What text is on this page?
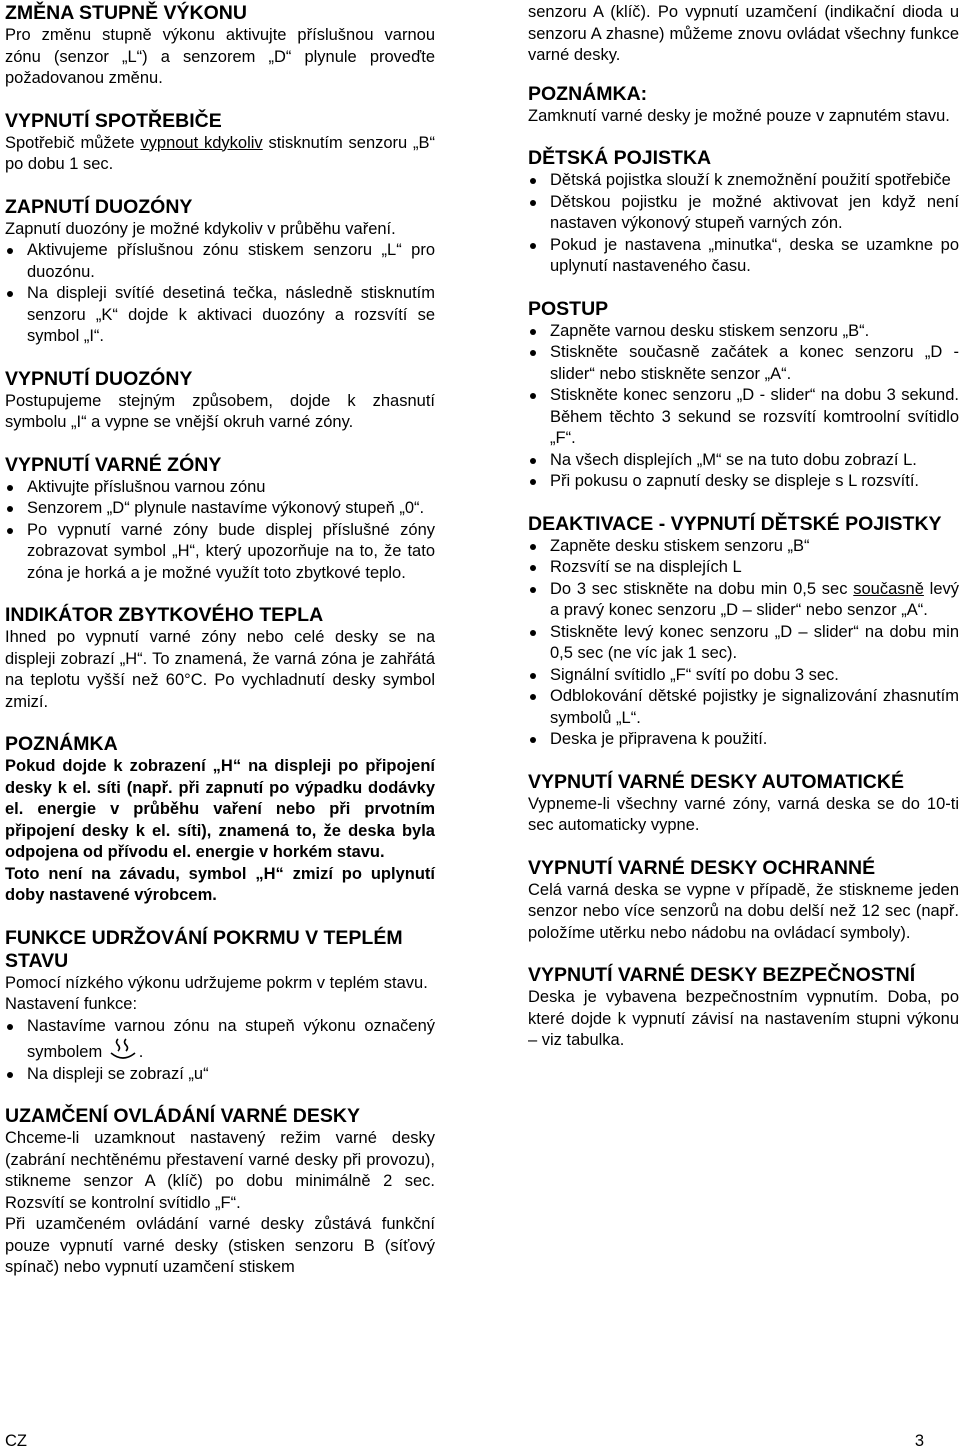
ZMĚNA STUPNĚ VÝKONU

Pro změnu stupně výkonu aktivujte příslušnou varnou zónu (senzor „L“) a senzorem „D“ plynule proveďte požadovanou změnu.

VYPNUTÍ SPOTŘEBIČE

Spotřebič můžete vypnout kdykoliv stisknutím senzoru „B“ po dobu 1 sec.

ZAPNUTÍ DUOZÓNY

Zapnutí duozóny je možné kdykoliv v průběhu vaření.

Aktivujeme příslušnou zónu stiskem senzoru „L“ pro duozónu.
Na displeji svítíé desetiná tečka, následně stisknutím senzoru „K“ dojde k aktivaci duozóny a rozsvítí se symbol „I“.
VYPNUTÍ DUOZÓNY

Postupujeme stejným způsobem, dojde k zhasnutí symbolu „I“ a vypne se vnější okruh varné zóny.

VYPNUTÍ VARNÉ ZÓNY
Aktivujte příslušnou varnou zónu
Senzorem „D“ plynule nastavíme výkonový stupeň „0“.
Po vypnutí varné zóny bude displej příslušné zóny zobrazovat symbol „H“, který upozorňuje na to, že tato zóna je horká a je možné využít toto zbytkové teplo.
INDIKÁTOR ZBYTKOVÉHO TEPLA

Ihned po vypnutí varné zóny nebo celé desky se na displeji zobrazí „H“. To znamená, že varná zóna je zahřátá na teplotu vyšší než 60°C. Po vychladnutí desky symbol zmizí.

POZNÁMKA

Pokud dojde k zobrazení „H“ na displeji po připojení desky k el. síti (např. při zapnutí po výpadku dodávky el. energie v průběhu vaření nebo při prvotním připojení desky k el. síti), znamená to, že deska byla odpojena od přívodu el. energie v horkém stavu.

Toto není na závadu, symbol „H“ zmizí po uplynutí doby nastavené výrobcem.

FUNKCE UDRŽOVÁNÍ POKRMU V TEPLÉM STAVU

Pomocí nízkého výkonu udržujeme pokrm v teplém stavu.

Nastavení funkce:

Nastavíme varnou zónu na stupeň výkonu označený symbolem .
Na displeji se zobrazí „u“
UZAMČENÍ OVLÁDÁNÍ VARNÉ DESKY

Chceme-li uzamknout nastavený režim varné desky (zabrání nechtěnému přestavení varné desky při provozu), stikneme senzor A (klíč) po dobu minimálně 2 sec. Rozsvítí se kontrolní svítidlo „F“.

Při uzamčeném ovládání varné desky zůstává funkční pouze vypnutí varné desky (stisken senzoru B (síťový spínač) nebo vypnutí uzamčení stiskem

senzoru A (klíč). Po vypnutí uzamčení (indikační dioda u senzoru A zhasne) můžeme znovu ovládat všechny funkce varné desky.

POZNÁMKA:

Zamknutí varné desky je možné pouze v zapnutém stavu.

DĚTSKÁ POJISTKA
Dětská pojistka slouží k znemožnění použití spotřebiče
Dětskou pojistku je možné aktivovat jen když není nastaven výkonový stupeň varných zón.
Pokud je nastavena „minutka“, deska se uzamkne po uplynutí nastaveného času.
POSTUP
Zapněte varnou desku stiskem senzoru „B“.
Stiskněte současně začátek a konec senzoru „D - slider“ nebo stiskněte senzor „A“.
Stiskněte konec senzoru „D - slider“ na dobu 3 sekund. Během těchto 3 sekund se rozsvítí komtroolní svítidlo „F“.
Na všech displejích „M“ se na tuto dobu zobrazí L.
Při pokusu o zapnutí desky se displeje s L rozsvítí.
DEAKTIVACE - VYPNUTÍ DĚTSKÉ POJISTKY
Zapněte desku stiskem senzoru „B“
Rozsvítí se na displejích L
Do 3 sec stiskněte na dobu min 0,5 sec současně levý a pravý konec senzoru „D – slider“ nebo senzor „A“.
Stiskněte levý konec senzoru „D – slider“ na dobu min 0,5 sec (ne víc jak 1 sec).
Signální svítidlo „F“ svítí po dobu 3 sec.
Odblokování dětské pojistky je signalizování zhasnutím symbolů „L“.
Deska je připravena k použití.
VYPNUTÍ VARNÉ DESKY AUTOMATICKÉ

Vypneme-li všechny varné zóny, varná deska se do 10-ti sec automaticky vypne.

VYPNUTÍ VARNÉ DESKY OCHRANNÉ

Celá varná deska se vypne v případě, že stiskneme jeden senzor nebo více senzorů na dobu delší než 12 sec (např. položíme utěrku nebo nádobu na ovládací symboly).

VYPNUTÍ VARNÉ DESKY BEZPEČNOSTNÍ

Deska je vybavena bezpečnostním vypnutím. Doba, po které dojde k vypnutí závisí na nastavením stupni výkonu – viz tabulka.

CZ	3
